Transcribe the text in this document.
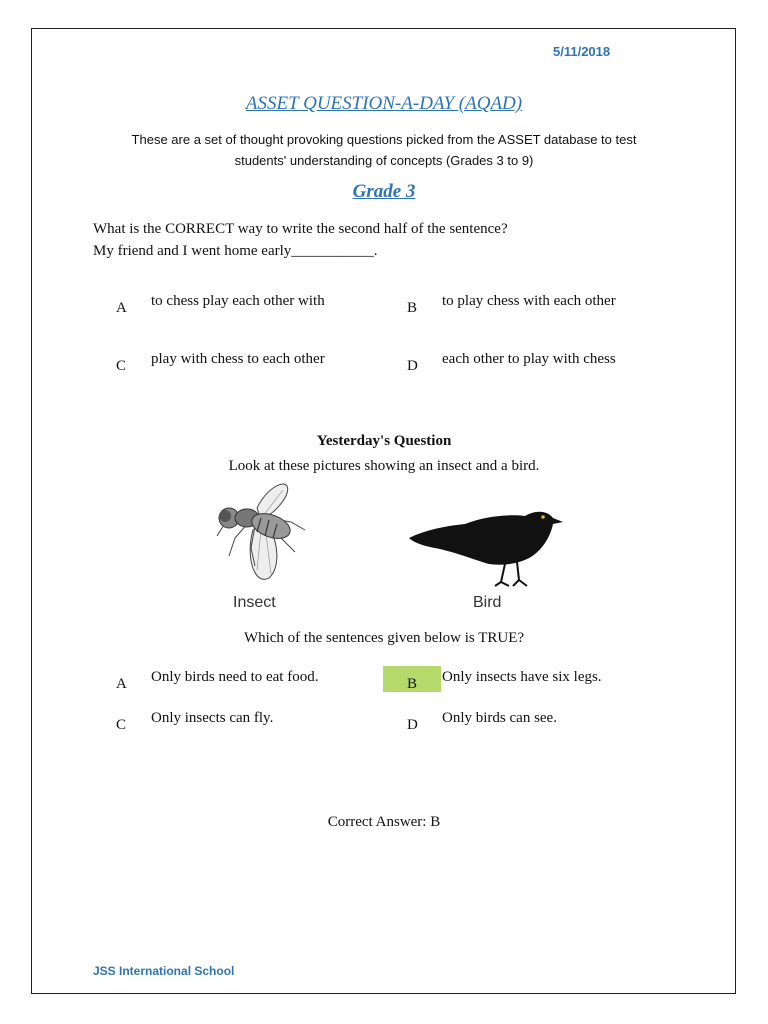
5/11/2018
ASSET QUESTION-A-DAY (AQAD)
These are a set of thought provoking questions picked from the ASSET database to test
students' understanding of concepts (Grades 3 to 9)
Grade 3
What is the CORRECT way to write the second half of the sentence?
My friend and I went home early___________.
A to chess play each other with	B to play chess with each other
C play with chess to each other	D each other to play with chess
Yesterday's Question
Look at these pictures showing an insect and a bird.
Insect	Bird
Which of the sentences given below is TRUE?
A Only birds need to eat food.	B Only insects have six legs.
C Only insects can fly.	D Only birds can see.
Correct Answer: B
JSS International School
